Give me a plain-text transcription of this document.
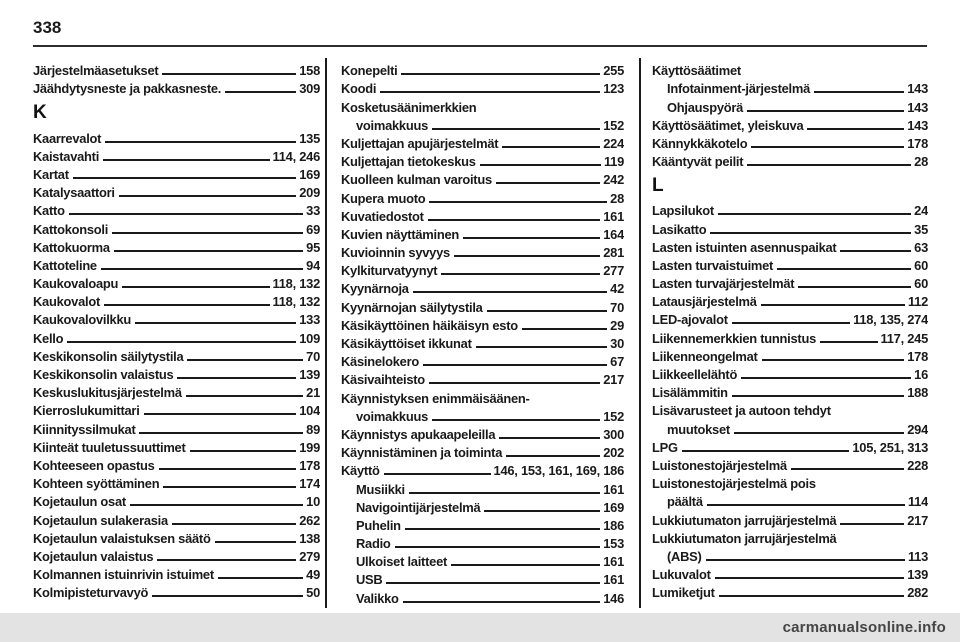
338
Järjestelmäasetukset	158
Jäähdytysneste ja pakkasneste.	309
K
Kaarrevalot	135
Kaistavahti	114, 246
Kartat	169
Katalysaattori	209
Katto	33
Kattokonsoli	69
Kattokuorma	95
Kattoteline	94
Kaukovaloapu	118, 132
Kaukovalot	118, 132
Kaukovalovilkku	133
Kello	109
Keskikonsolin säilytystila	70
Keskikonsolin valaistus	139
Keskuslukitusjärjestelmä	21
Kierroslukumittari	104
Kiinnityssilmukat	89
Kiinteät tuuletussuuttimet	199
Kohteeseen opastus	178
Kohteen syöttäminen	174
Kojetaulun osat	10
Kojetaulun sulakerasia	262
Kojetaulun valaistuksen säätö	138
Kojetaulun valaistus	279
Kolmannen istuinrivin istuimet	49
Kolmipisteturvavyö	50
Konepelti	255
Koodi	123
Kosketusäänimerkkien
voimakkuus	152
Kuljettajan apujärjestelmät	224
Kuljettajan tietokeskus	119
Kuolleen kulman varoitus	242
Kupera muoto	28
Kuvatiedostot	161
Kuvien näyttäminen	164
Kuvioinnin syvyys	281
Kylkiturvatyynyt	277
Kyynärnoja	42
Kyynärnojan säilytystila	70
Käsikäyttöinen häikäisyn esto	29
Käsikäyttöiset ikkunat	30
Käsinelokero	67
Käsivaihteisto	217
Käynnistyksen enimmäisäänen-
voimakkuus	152
Käynnistys apukaapeleilla	300
Käynnistäminen ja toiminta	202
Käyttö	146, 153, 161, 169, 186
Musiikki	161
Navigointijärjestelmä	169
Puhelin	186
Radio	153
Ulkoiset laitteet	161
USB	161
Valikko	146
Käyttösäätimet
Infotainment-järjestelmä	143
Ohjauspyörä	143
Käyttösäätimet, yleiskuva	143
Kännykkäkotelo	178
Kääntyvät peilit	28
L
Lapsilukot	24
Lasikatto	35
Lasten istuinten asennuspaikat	63
Lasten turvaistuimet	60
Lasten turvajärjestelmät	60
Latausjärjestelmä	112
LED-ajovalot	118, 135, 274
Liikennemerkkien tunnistus	117, 245
Liikenneongelmat	178
Liikkeellelähtö	16
Lisälämmitin	188
Lisävarusteet ja autoon tehdyt
muutokset	294
LPG	105, 251, 313
Luistonestojärjestelmä	228
Luistonestojärjestelmä pois
päältä	114
Lukkiutumaton jarrujärjestelmä	217
Lukkiutumaton jarrujärjestelmä
(ABS)	113
Lukuvalot	139
Lumiketjut	282
carmanualsonline.info
